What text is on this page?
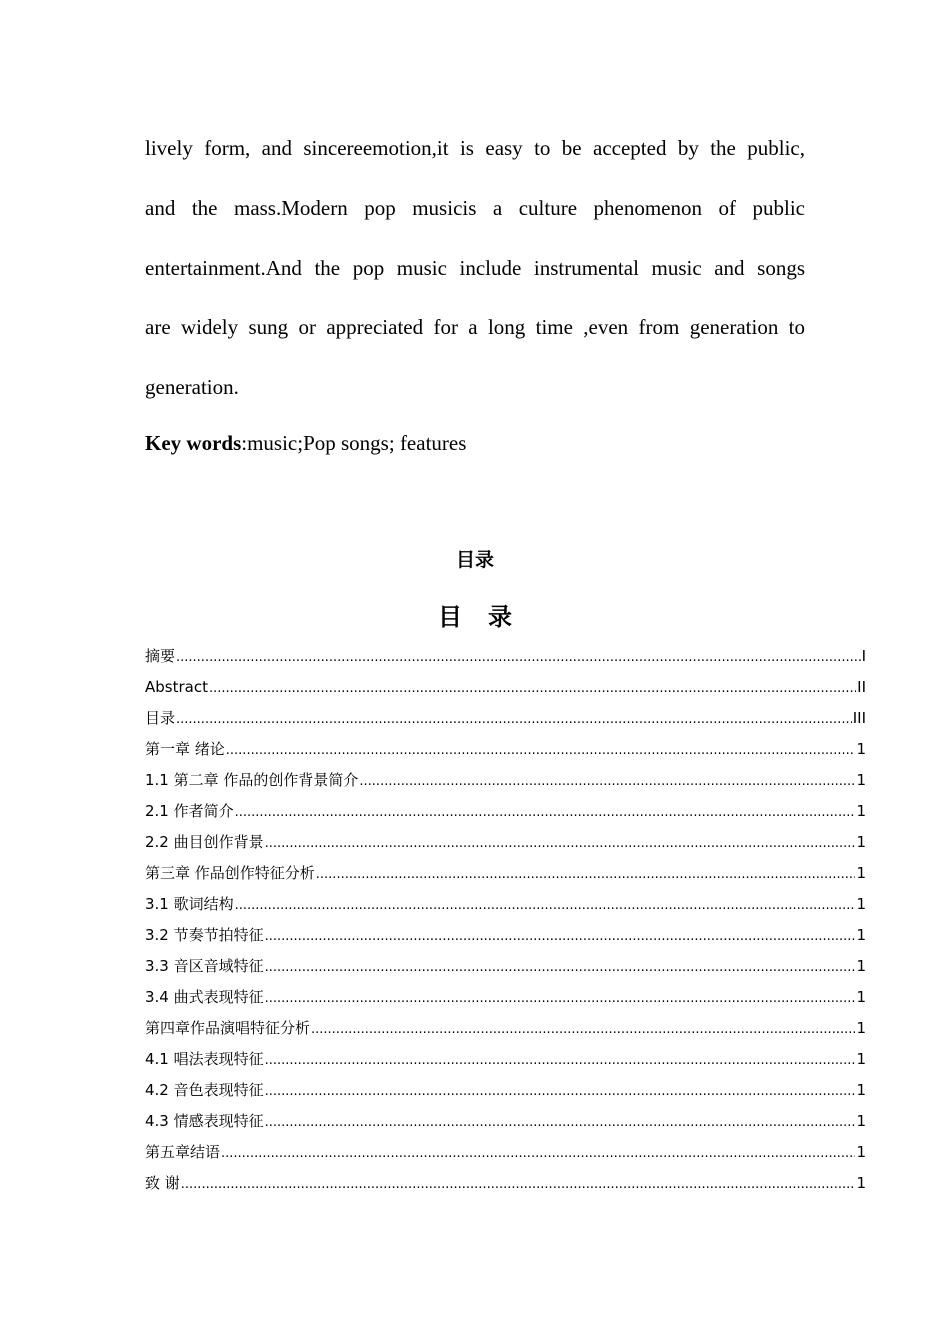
lively form, and sincereemotion,it is easy to be accepted by the public,
and the mass.Modern pop musicis a culture phenomenon of public
entertainment.And the pop music include instrumental music and songs
are widely sung or appreciated for a long time ,even from generation to
generation.
Key words:music;Pop songs; features
目录
目录
摘要 .....	I
Abstract .....	II
目录 .....	III
第一章 绪论 .....	1
1.1 第二章 作品的创作背景简介 .....	1
2.1 作者简介 .....	1
2.2 曲目创作背景 .....	1
第三章 作品创作特征分析 .....	1
3.1 歌词结构 .....	1
3.2 节奏节拍特征 .....	1
3.3 音区音域特征 .....	1
3.4 曲式表现特征 .....	1
第四章作品演唱特征分析 .....	1
4.1 唱法表现特征 .....	1
4.2 音色表现特征 .....	1
4.3 情感表现特征 .....	1
第五章结语 .....	1
致 谢 .....	1
